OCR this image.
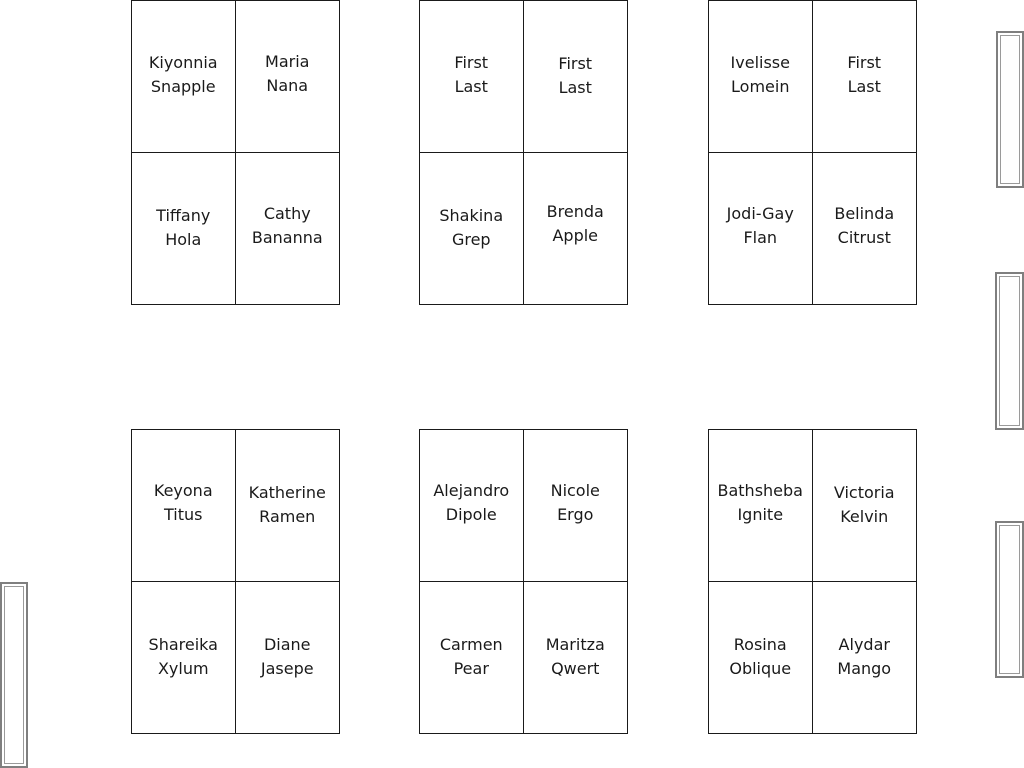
Kiyonnia
Snapple
Maria
Nana
Tiffany
Hola
Cathy
Bananna
First
Last
First
Last
Shakina
Grep
Brenda
Apple
Ivelisse
Lomein
First
Last
Jodi-Gay
Flan
Belinda
Citrust
Keyona
Titus
Katherine
Ramen
Shareika
Xylum
Diane
Jasepe
Alejandro
Dipole
Nicole
Ergo
Carmen
Pear
Maritza
Qwert
Bathsheba
Ignite
Victoria
Kelvin
Rosina
Oblique
Alydar
Mango
